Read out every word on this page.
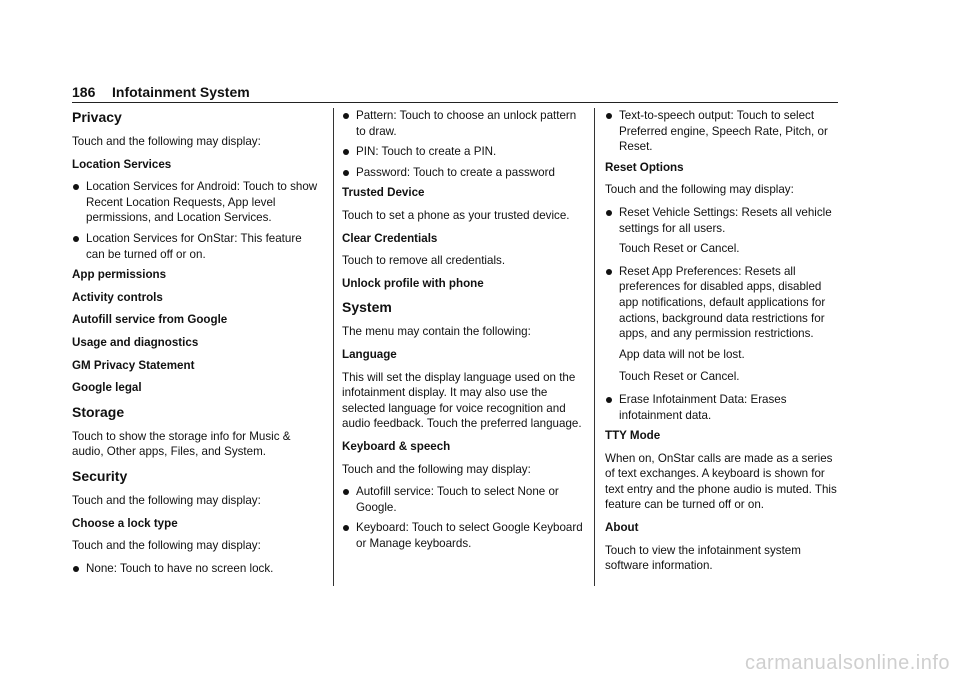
186 Infotainment System
Privacy

Touch and the following may display:

Location Services

Location Services for Android: Touch to show Recent Location Requests, App level permissions, and Location Services.
Location Services for OnStar: This feature can be turned off or on.

App permissions

Activity controls

Autofill service from Google

Usage and diagnostics

GM Privacy Statement

Google legal

Storage

Touch to show the storage info for Music & audio, Other apps, Files, and System.

Security

Touch and the following may display:

Choose a lock type

Touch and the following may display:

None: Touch to have no screen lock.
Pattern: Touch to choose an unlock pattern to draw.
PIN: Touch to create a PIN.
Password: Touch to create a password

Trusted Device

Touch to set a phone as your trusted device.

Clear Credentials

Touch to remove all credentials.

Unlock profile with phone

System

The menu may contain the following:

Language

This will set the display language used on the infotainment display. It may also use the selected language for voice recognition and audio feedback. Touch the preferred language.

Keyboard & speech

Touch and the following may display:

Autofill service: Touch to select None or Google.
Keyboard: Touch to select Google Keyboard or Manage keyboards.
Text-to-speech output: Touch to select Preferred engine, Speech Rate, Pitch, or Reset.

Reset Options

Touch and the following may display:

Reset Vehicle Settings: Resets all vehicle settings for all users.

Touch Reset or Cancel.

Reset App Preferences: Resets all preferences for disabled apps, disabled app notifications, default applications for actions, background data restrictions for apps, and any permission restrictions.

App data will not be lost.

Touch Reset or Cancel.

Erase Infotainment Data: Erases infotainment data.

TTY Mode

When on, OnStar calls are made as a series of text exchanges. A keyboard is shown for text entry and the phone audio is muted. This feature can be turned off or on.

About

Touch to view the infotainment system software information.

carmanualsonline.info
